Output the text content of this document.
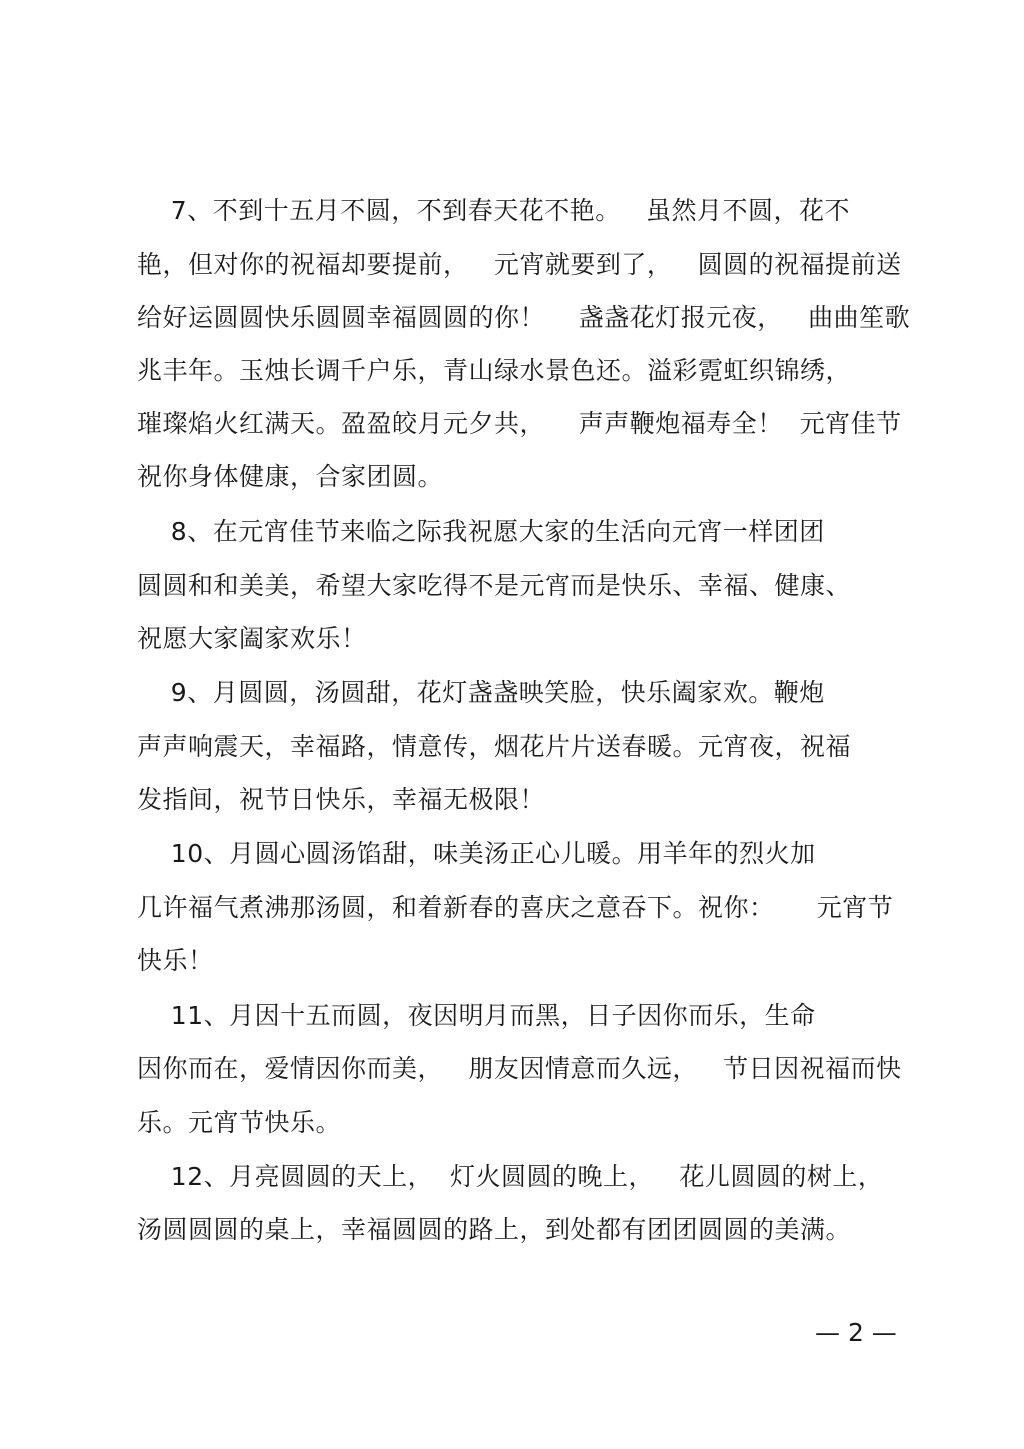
7、不到十五月不圆，不到春天花不艳。   虽然月不圆，花不
艳，但对你的祝福却要提前，   元宵就要到了，   圆圆的祝福提前送
给好运圆圆快乐圆圆幸福圆圆的你！    盏盏花灯报元夜，   曲曲笙歌
兆丰年。玉烛长调千户乐，青山绿水景色还。溢彩霓虹织锦绣，
璀璨焰火红满天。盈盈皎月元夕共，    声声鞭炮福寿全！  元宵佳节
祝你身体健康，合家团圆。
8、在元宵佳节来临之际我祝愿大家的生活向元宵一样团团
圆圆和和美美，希望大家吃得不是元宵而是快乐、幸福、健康、
祝愿大家阖家欢乐！
9、月圆圆，汤圆甜，花灯盏盏映笑脸，快乐阖家欢。鞭炮
声声响震天，幸福路，情意传，烟花片片送春暖。元宵夜，祝福
发指间，祝节日快乐，幸福无极限！
10、月圆心圆汤馅甜，味美汤正心儿暖。用羊年的烈火加
几许福气煮沸那汤圆，和着新春的喜庆之意吞下。祝你：     元宵节
快乐！
11、月因十五而圆，夜因明月而黑，日子因你而乐，生命
因你而在，爱情因你而美，   朋友因情意而久远，   节日因祝福而快
乐。元宵节快乐。
12、月亮圆圆的天上，  灯火圆圆的晚上，   花儿圆圆的树上，
汤圆圆圆的桌上，幸福圆圆的路上，到处都有团团圆圆的美满。
— 2 —
